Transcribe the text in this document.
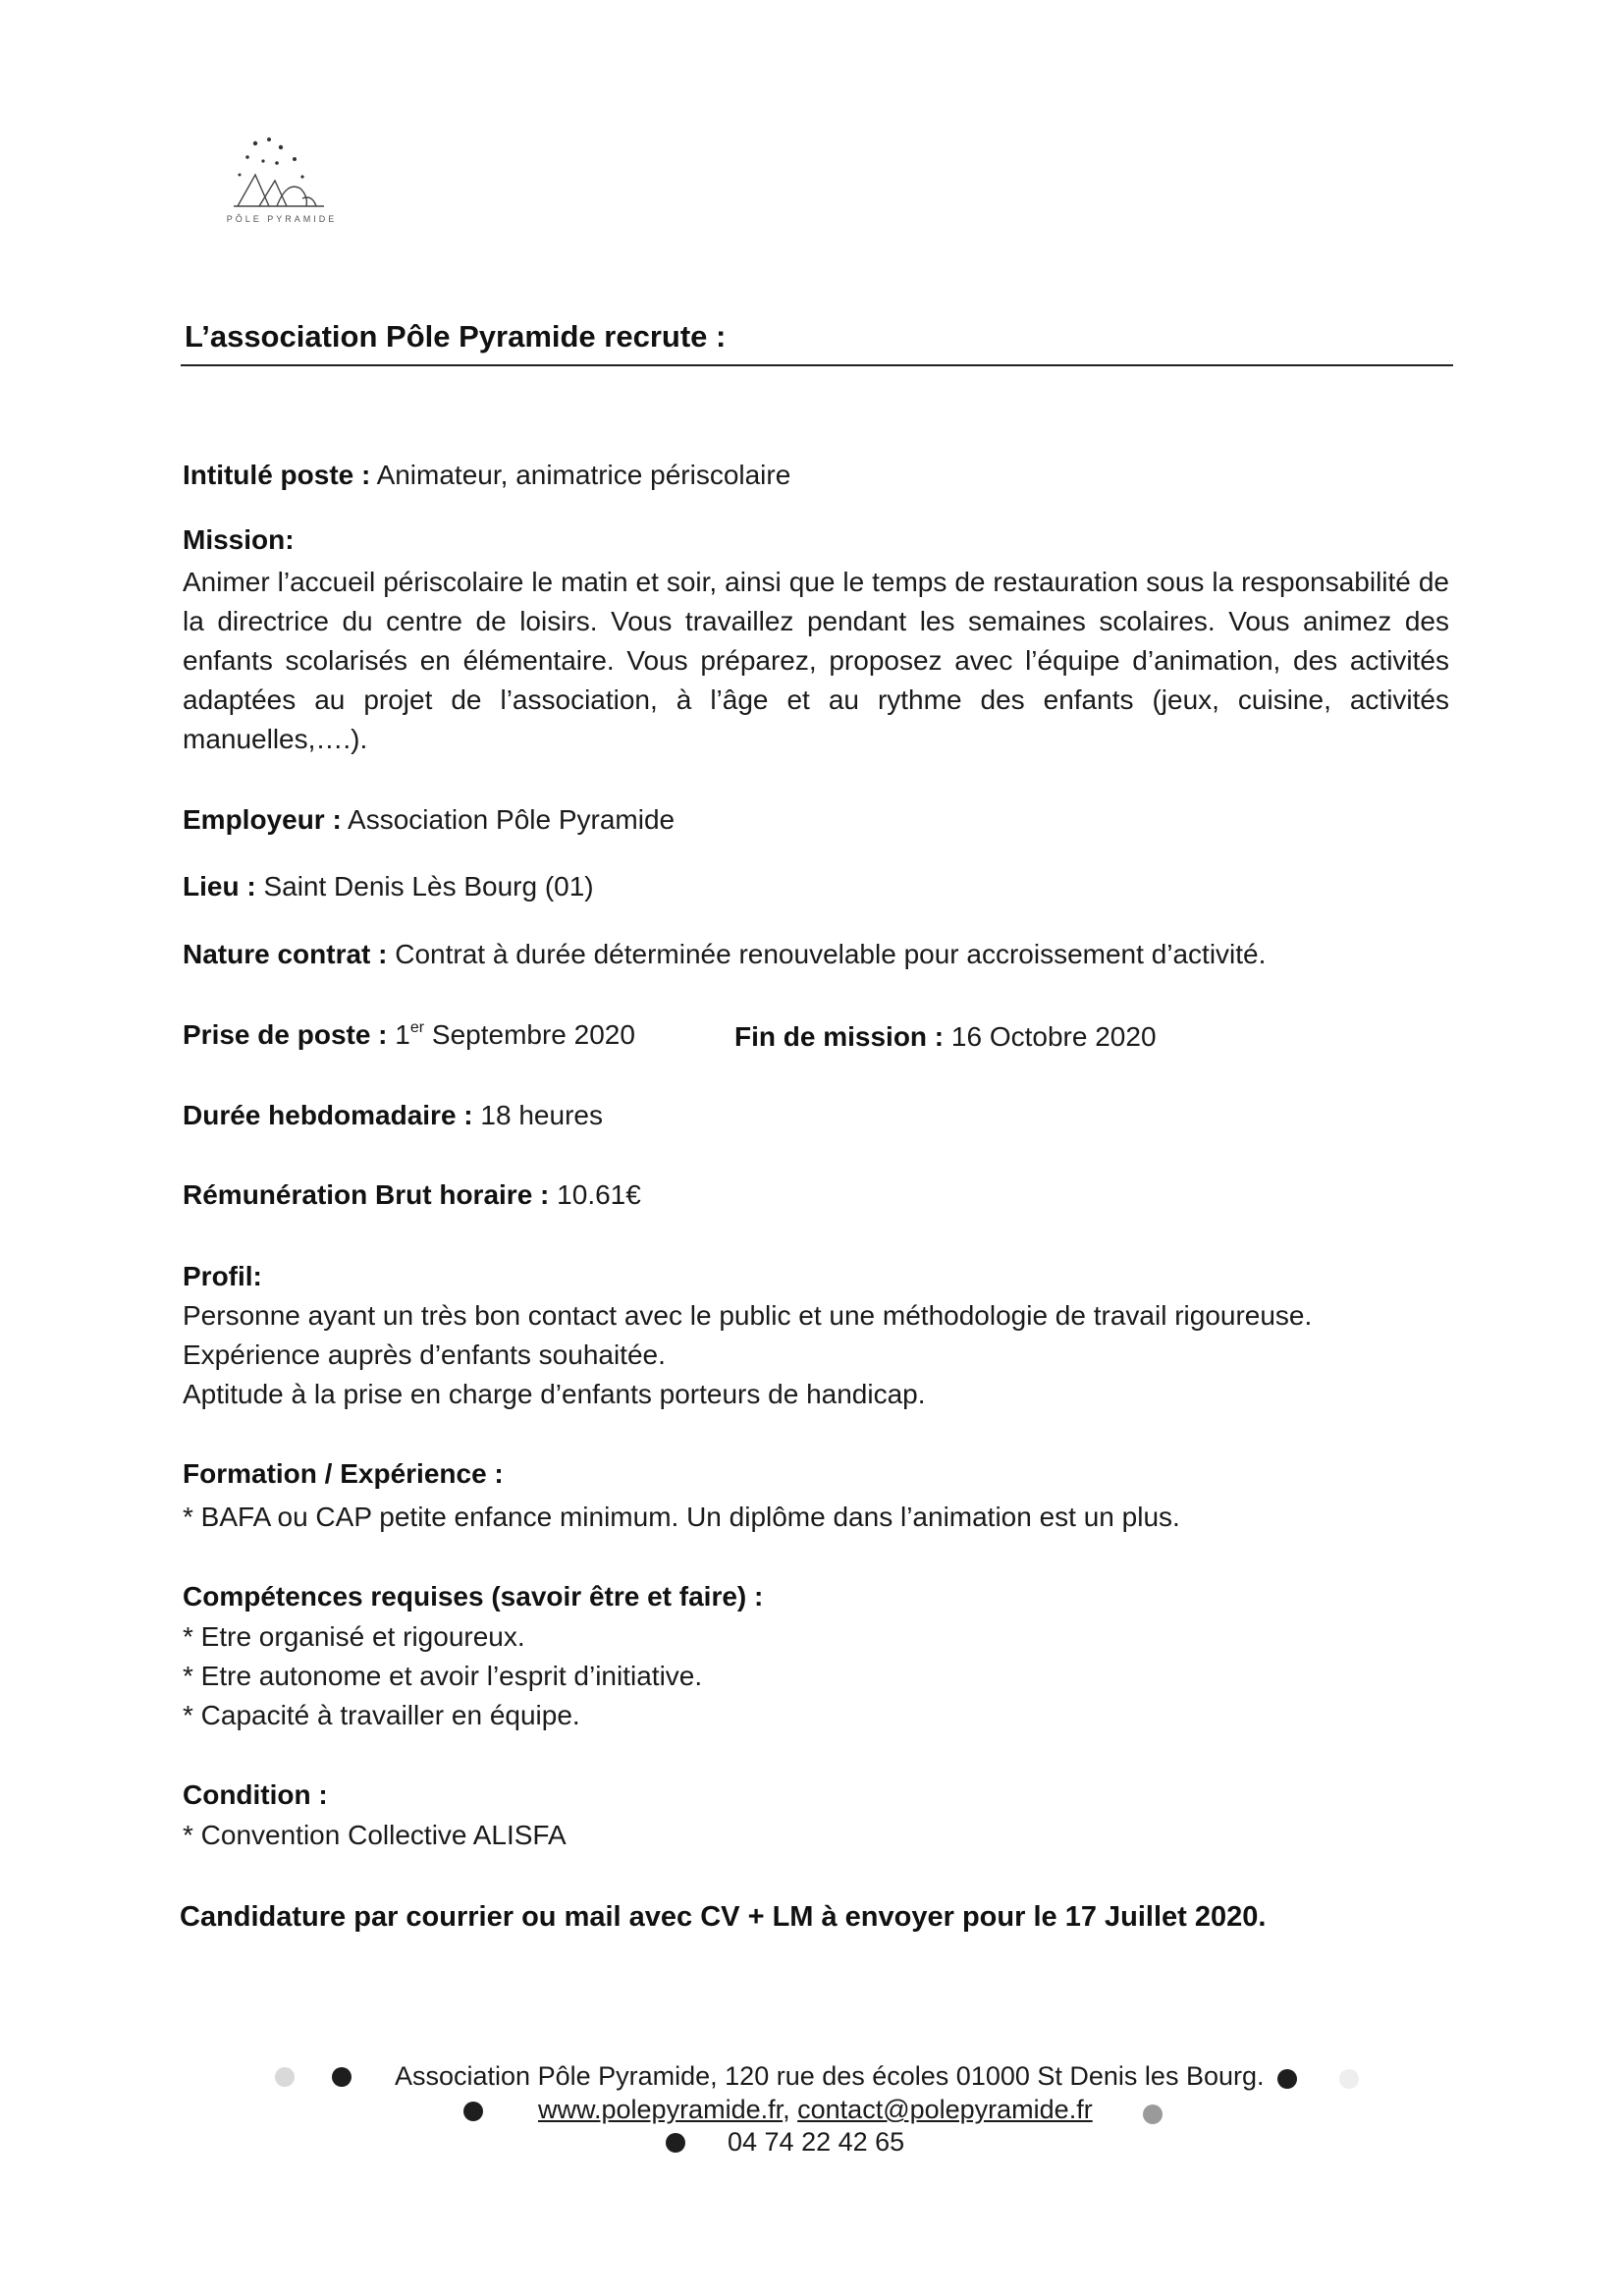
PÔLE PYRAMIDE
L’association Pôle Pyramide recrute :
Intitulé poste : Animateur, animatrice périscolaire
Mission:
Animer l’accueil périscolaire le matin et soir, ainsi que le temps de restauration sous la responsabilité de la directrice du centre de loisirs. Vous travaillez pendant les semaines scolaires. Vous animez des enfants scolarisés en élémentaire. Vous préparez, proposez avec l’équipe d’animation, des activités adaptées au projet de l’association, à l’âge et au rythme des enfants (jeux, cuisine, activités manuelles,….).
Employeur : Association Pôle Pyramide
Lieu : Saint Denis Lès Bourg (01)
Nature contrat : Contrat à durée déterminée renouvelable pour accroissement d’activité.
Prise de poste : 1er Septembre 2020	Fin de mission : 16 Octobre 2020
Durée hebdomadaire : 18 heures
Rémunération Brut horaire : 10.61€
Profil:
Personne ayant un très bon contact avec le public et une méthodologie de travail rigoureuse.
Expérience auprès d’enfants souhaitée.
Aptitude à la prise en charge d’enfants porteurs de handicap.
Formation / Expérience :
* BAFA ou CAP petite enfance minimum. Un diplôme dans l’animation est un plus.
Compétences requises (savoir être et faire) :
* Etre organisé et rigoureux.
* Etre autonome et avoir l’esprit d’initiative.
* Capacité à travailler en équipe.
Condition :
* Convention Collective ALISFA
Candidature par courrier ou mail avec CV + LM à envoyer pour le 17 Juillet 2020.
Association Pôle Pyramide, 120 rue des écoles 01000 St Denis les Bourg.
www.polepyramide.fr, contact@polepyramide.fr
04 74 22 42 65
